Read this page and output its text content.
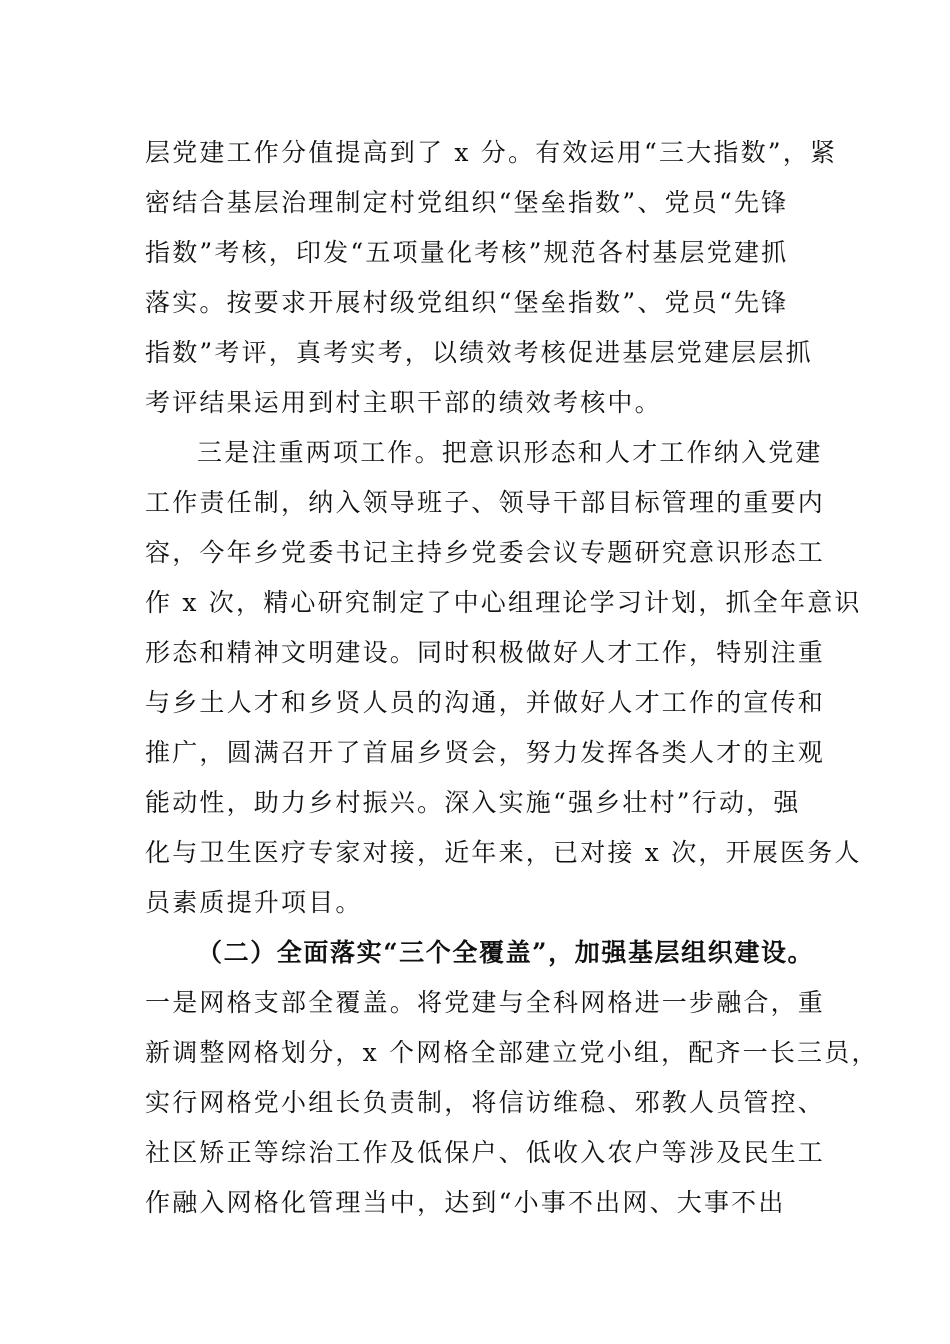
层党建工作分值提高到了 x 分。有效运用“三大指数”，紧
密结合基层治理制定村党组织“堡垒指数”、党员“先锋
指数”考核，印发“五项量化考核”规范各村基层党建抓
落实。按要求开展村级党组织“堡垒指数”、党员“先锋
指数”考评，真考实考，以绩效考核促进基层党建层层抓
考评结果运用到村主职干部的绩效考核中。
三是注重两项工作。把意识形态和人才工作纳入党建
工作责任制，纳入领导班子、领导干部目标管理的重要内
容，今年乡党委书记主持乡党委会议专题研究意识形态工
作 x 次，精心研究制定了中心组理论学习计划，抓全年意识
形态和精神文明建设。同时积极做好人才工作，特别注重
与乡土人才和乡贤人员的沟通，并做好人才工作的宣传和
推广，圆满召开了首届乡贤会，努力发挥各类人才的主观
能动性，助力乡村振兴。深入实施“强乡壮村”行动，强
化与卫生医疗专家对接，近年来，已对接 x 次，开展医务人
员素质提升项目。
（二）全面落实“三个全覆盖”，加强基层组织建设。
一是网格支部全覆盖。将党建与全科网格进一步融合，重
新调整网格划分，x 个网格全部建立党小组，配齐一长三员，
实行网格党小组长负责制，将信访维稳、邪教人员管控、
社区矫正等综治工作及低保户、低收入农户等涉及民生工
作融入网格化管理当中，达到“小事不出网、大事不出
